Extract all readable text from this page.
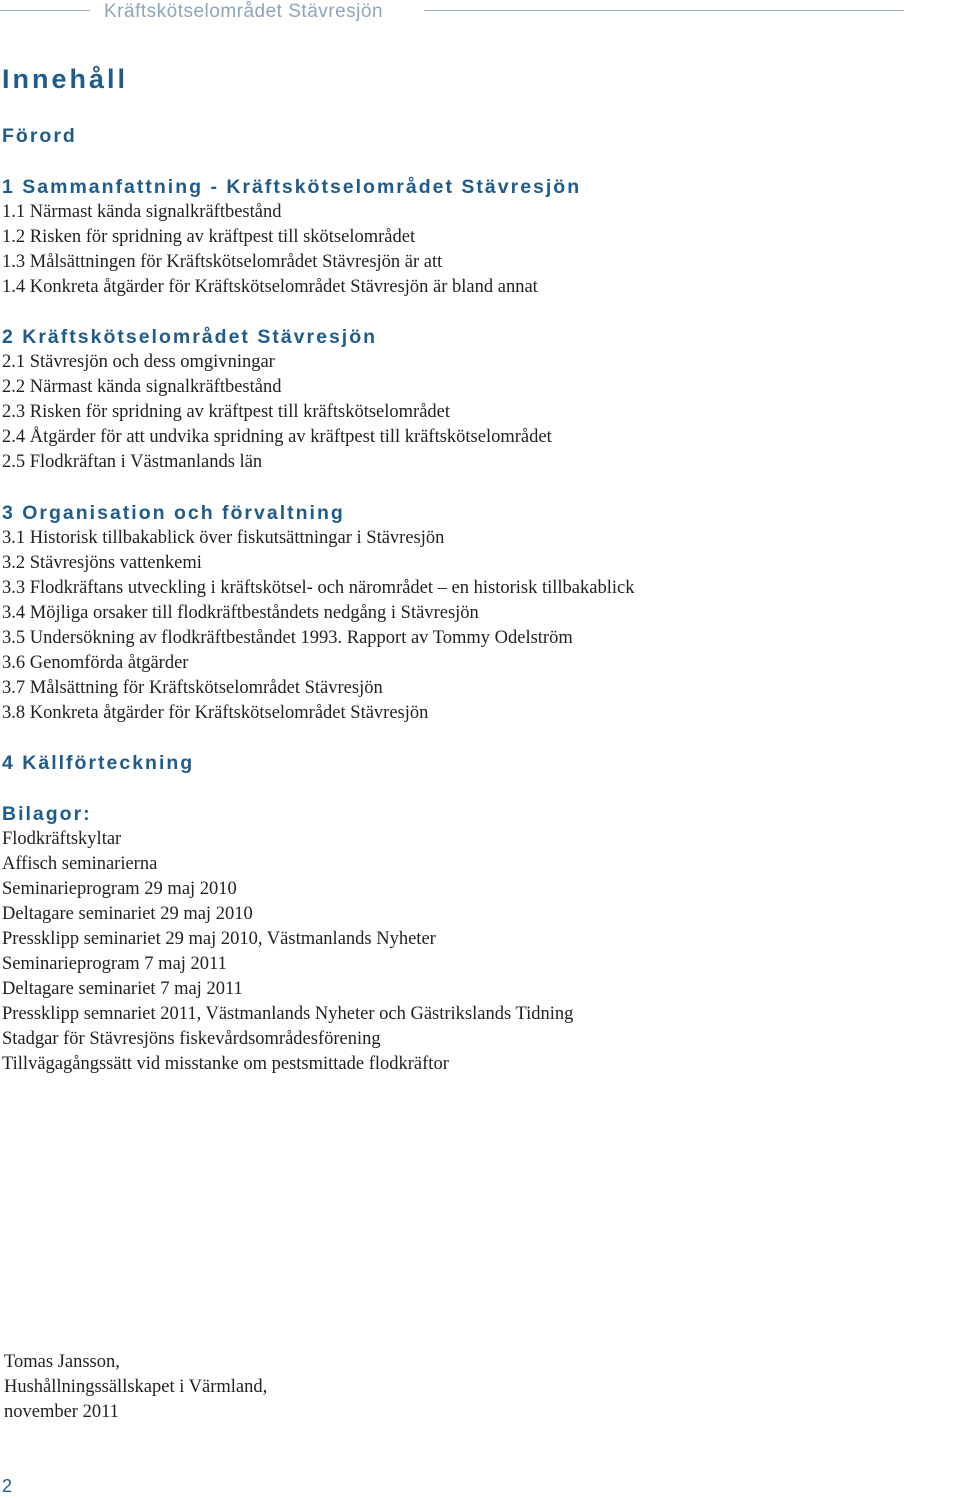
Kräftskötselområdet Stävresjön
Innehåll
Förord
1 Sammanfattning - Kräftskötselområdet Stävresjön
1.1 Närmast kända signalkräftbestånd
1.2 Risken för spridning av kräftpest till skötselområdet
1.3 Målsättningen för Kräftskötselområdet Stävresjön är att
1.4 Konkreta åtgärder för Kräftskötselområdet Stävresjön är bland annat
2 Kräftskötselområdet Stävresjön
2.1 Stävresjön och dess omgivningar
2.2 Närmast kända signalkräftbestånd
2.3 Risken för spridning av kräftpest till kräftskötselområdet
2.4 Åtgärder för att undvika spridning av kräftpest till kräftskötselområdet
2.5 Flodkräftan i Västmanlands län
3 Organisation och förvaltning
3.1 Historisk tillbakablick över fiskutsättningar i Stävresjön
3.2 Stävresjöns vattenkemi
3.3 Flodkräftans utveckling i kräftskötsel- och närområdet – en historisk tillbakablick
3.4 Möjliga orsaker till flodkräftbeståndets nedgång i Stävresjön
3.5 Undersökning av flodkräftbeståndet 1993. Rapport av Tommy Odelström
3.6 Genomförda åtgärder
3.7 Målsättning för Kräftskötselområdet Stävresjön
3.8 Konkreta åtgärder för Kräftskötselområdet Stävresjön
4 Källförteckning
Bilagor:
Flodkräftskyltar
Affisch seminarierna
Seminarieprogram 29 maj 2010
Deltagare seminariet 29 maj 2010
Pressklipp seminariet 29 maj 2010, Västmanlands Nyheter
Seminarieprogram 7 maj 2011
Deltagare seminariet 7 maj 2011
Pressklipp semnariet 2011, Västmanlands Nyheter och Gästrikslands Tidning
Stadgar för Stävresjöns fiskevårdsområdesförening
Tillvägagångssätt vid misstanke om pestsmittade flodkräftor
Tomas Jansson,
Hushållningssällskapet i Värmland,
november 2011
2
